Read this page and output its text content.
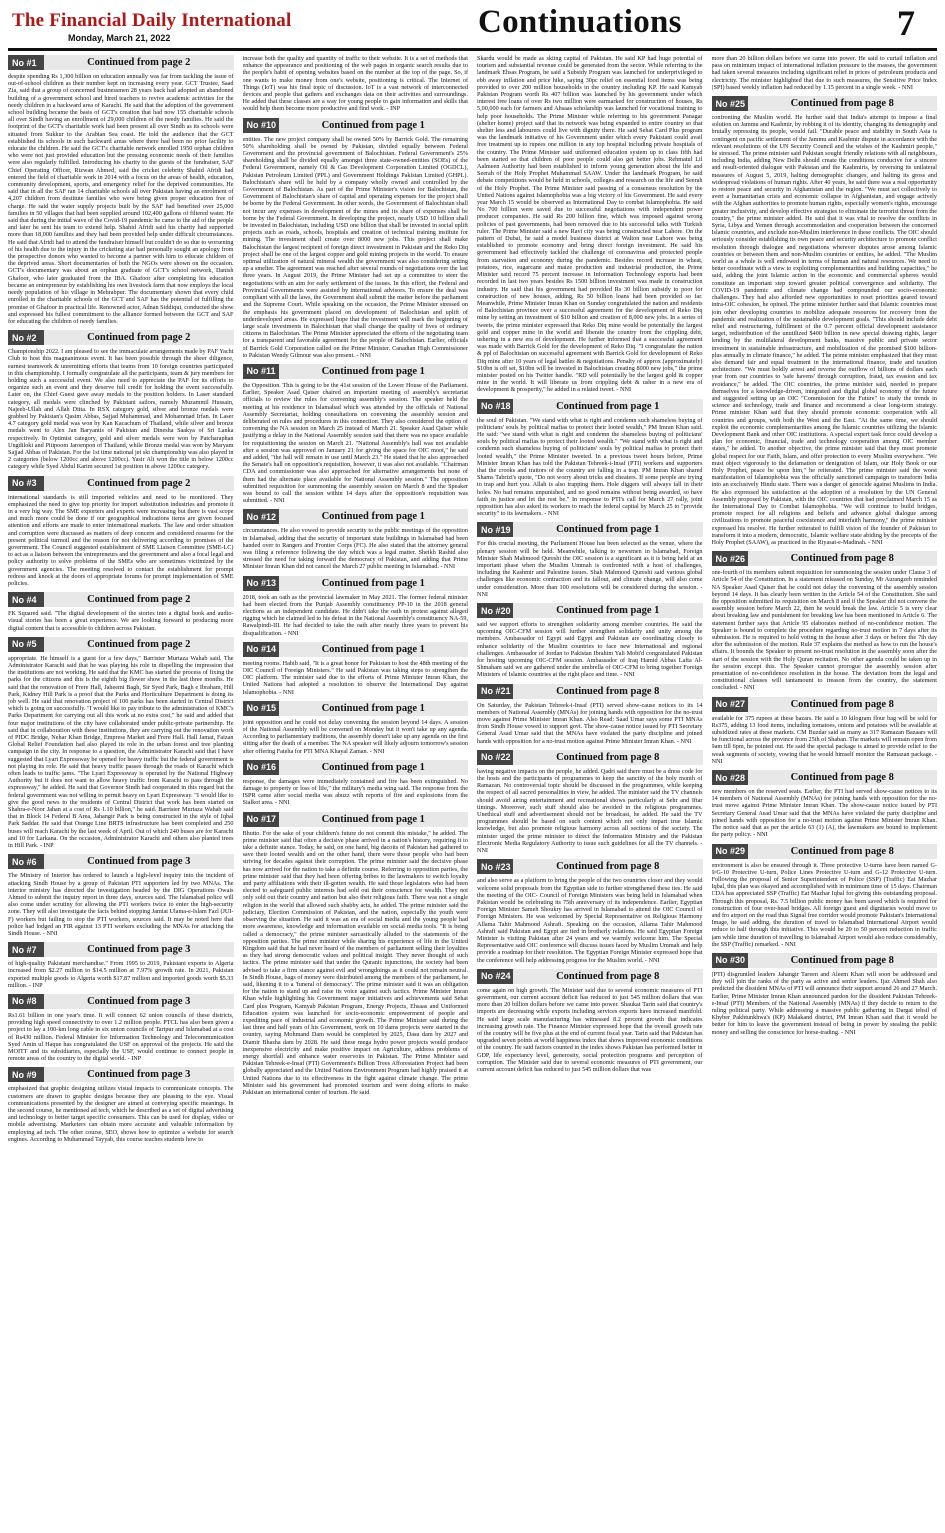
The Financial Daily International
Monday, March 21, 2022	Continuations	7
No #1	Continued from page 2

despite spending Rs 1,300 billion on education annually was far from tackling the issue of out-of-school children as their number kept on increasing every year. GCT Trustee, Saad Zia, said that a group of concerned businessmen 28 years back had adopted an abandoned building of a government school and hired teachers to revive academic activities for the needy children in a backward area of Karachi. He said that the adoption of the government school building became the basis of GCT's creation that had now 155 charitable schools all over Sindh having an enrollment of 29,000 children of the needy families. He said the footprint of the GCT's charitable work had been present all over Sindh as its schools were situated from Sukkur to the Arabian Sea coast. He told the audience that the GCT established its schools in such backward areas where there had been no prior facility to educate the children. He said the GCT's charitable network enrolled 1950 orphan children who were not just provided education but the pressing economic needs of their families were also regularly fulfilled. Introducing his charity to the guests of the fundraiser, SAF Chief Operating Officer, Rizwan Ahmed, said the cricket celebrity Shahid Afridi had entered the field of charitable work in 2014 with a focus on the areas of health, education, community development, sports, and emergency relief for the deprived communities. He said that in all the SAF ran 14 charitable schools all over Pakistan having an enrolment of 4,207 children from destitute families who were being given proper education free of charge. He said the water supply projects built by the SAF had benefited over 25,000 families in 50 villages that had been supplied around 102,400 gallons of filtered water. He said that during the initial wave of the Covid-19 pandemic he came to the aid of the people and later he sent his team to extend help. Shahid Afridi said his charity had supported more than 18,000 families and they had been provided help under difficult circumstances. He said that Afridi had to attend the fundraiser himself but couldn't do so due to worsening of his health due to the injury in the cricketing star had personally sought an apology from the prospective donors who wanted to become a partner with him to educate children of the deprived areas. Short documentaries of both the NGOs were shown on the occasion. GCT's documentary was about an orphan graduate of GCT's school network, Danish Ghafoor, who later graduated from the IBA. Ghafoor after completing his education became an entrepreneur by establishing his own livestock farm that now employs the local needy population of his village in Mehrabpur. The documentary shown that every child enrolled in the charitable schools of the GCT and SAF has the potential of fulfilling the promise of Ghafoor in practical life. Renowned actor, Adnan Siddiqui, conducted the show and expressed his fullest commitment to the alliance formed between the GCT and SAF for educating the children of needy families.

No #2	Continued from page 2

Championship 2022. I am pleased to see the immaculate arrangements made by PAF Yacht Club to host this magnanimous event. It has been possible through the sheer diligence, earnest teamwork & unremitting efforts that teams from 10 foreign countries participated in this championship. I formally congratulate all the participants, team & jury members for holding such a successful event. We also need to appreciate the PAF for its efforts to organize such an event and they deserve full credit for holding the event successfully. Later on, the Chief Guest gave away medals to the position holders. In Laser standard category, all medals were clinched by Pakistani sailors, namely Muzammil Hussain, Najeeb-Ullah and Allah Ditta. In RSX category gold, silver and bronze medals were grabbed by Pakistan's Qasim Abbas, Sajjad Muhammad, and Mohammad Irfan. In Laser 4.7 category gold medal was won by Kan Kacachum of Thailand, while silver and bronze medals went to Alex Jan Baryantis of Pakistan and Dinesha Saakya of Sri Lanka respectively. In Optimist category, gold and silver medals were won by Patcharaphan Ungdiloki and Pitipoom Jaroenpon of Thailand, while Bronze medal was won by Maryam Sajjad Abbas of Pakistan. For the 1st time national jet ski championship was also played in 2 categories (below 1200cc and above 1200cc). Yasir Ali won the title in below 1200cc category while Syed Abdul Karim secured 1st position in above 1200cc category.

No #3	Continued from page 2

international standards is still imported vehicles and need to be monitored. They emphasized the need to give top priority for import substitution industries and promote it in a very big way. The SME exporters and experts were increasing but there is vast scope and much more could be done if our geographical indications items are given focused attention and efforts are made to enter international markets. The law and order situation and corruption were discussed as matters of deep concern and considered reasons for the present political turmoil and the reason for not delivering according to promises of the government. The Council suggested establishment of SME Liaison Committee (SME-LC) to act as a liaison between the entrepreneurs and the government and also a focal legal and policy authority to solve problems of the SMEs who are sometimes victimized by the government agencies. The meeting resolved to contact the establishment for prompt redress and knock at the doors of appropriate forums for prompt implementation of SME policies.

No #4	Continued from page 2

FK Squared said. "The digital development of the stories into a digital book and audio-visual stories has been a great experience. We are looking forward to producing more digital content that is accessible to children across Pakistan.

No #5	Continued from page 2

appropriate. He himself is a guest for a few days," Barrister Murtaza Wahab said. The Administrator Karachi said that he was playing his role in dispelling the impression that the institutions are not working. He said that the KMC has started the process of fixing the parks for the citizens and this is the eighth big flower show in the last three months. He said that the renovation of Frere Hall, Jaheemi Bagh, Sir Syed Park, Bagh e Ibraham, Hill Park, Kidney Hill Park is a proof that the Parks and Horticulture Department is doing its job well. He said that renovation project of 100 parks has been started in Central District which is going on successfully. "I would like to pay tribute to the administration of KMC's Parks Department for carrying out all this work at no extra cost," he said and added that four major institutions of the city have collaborated under public-private partnership. He said that in collaboration with these institutions, they are carrying out the renovation work of PIDC Bridge, Nehar Khan Bridge, Empress Market and Frere Hall. Hall Jamat, Faizan Global Relief Foundation had also played its role in the urban forest and tree planting campaign in the city. In response to a question, the Administrator Karachi said that I have suggested that Lyari Expressway be opened for heavy traffic but the federal government is not playing its role. He said that heavy traffic passes through the roads of Karachi which often leads to traffic jams. "The Lyari Expressway is operated by the National Highway Authority but it does not want to allow heavy traffic from Karachi to pass through the expressway," he added. He said that Governor Sindh had cooperated in this regard but the federal government was not willing to permit heavy on Lyari Expressway. "I would like to give the good news to the residents of Central District that work has been started on Shahra-e-Noor Jahan at a cost of Rs 1.10 billion," he said. Barrister Murtaza Wahab said that in Block 14 Federal B Area, Jahangir Park is being constructed in the style of Iqbal Park Saddar. He said that Orange Line BRTS infrastructure has been completed and 250 buses will reach Karachi by the last week of April. Out of which 240 buses are for Karachi and 10 for Larkana. On the occasion, Administrator Karachi and others also planted trees in Hill Park. - INP

No #6	Continued from page 3

The Ministry of Interior has ordered to launch a high-level inquiry into the incident of attacking Sindh House by a group of Pakistan PTI supporters led by two MNAs. The interior ministry has directed the investigation headed by the DIG Operations Owais Ahmed to submit the inquiry report in three days, sources said. The Islamabad police will also come under scrutiny for allowing the PTI workers twice to enter the high-security zone. They will also investigate the facts behind stopping Jamiat Ulama-e-Islam Fazl (JUI-F) workers but failing to stop the PTI workers, sources said. It may be noted here that police had lodged an FIR against 13 PTI workers excluding the MNAs for attacking the Sindh House. - NNI

No #7	Continued from page 3

of high-quality Pakistani merchandise." From 1995 to 2019, Pakistani exports to Algeria increased from $2.27 million to $14.5 million at 7.97% growth rate. In 2021, Pakistan exported multiple goods to Algeria worth $17.87 million and imported goods worth $5.33 million. - INP

No #8	Continued from page 3

Rs1.61 billion in one year's time. It will connect 62 union councils of these districts, providing high speed connectivity to over 1.2 million people. PTCL has also been given a project to lay a 100-km long cable in six union councils of Taripur and Islamabad at a cost of Rs430 million. Federal Minister for Information Technology and Telecommunication Syed Amin ul Haque has congratulated the USF on approval of the projects. He said the MOITT and its subsidiaries, especially the USF, would continue to connect people in remote areas of the country to the digital world. - INP

No #9	Continued from page 3

emphasized that graphic designing utilizes visual impacts to communicate concepts. The customers are drawn to graphic designs because they are pleasing to the eye. Visual communications presented by the designer are aimed at conveying specific meanings. In the second course, he mentioned ad tech, which he described as a set of digital advertising and technology to better target specific consumers. This can be used for display, video or mobile advertising. Marketers can obtain more accurate and valuable information by employing ad tech. The other course, SEO, shows how to optimize a website for search engines. According to Muhammad Tayyab, this course teaches students how to

increase both the quality and quantity of traffic to their website. It is a set of methods that enhance the appearance and positioning of the web pages in organic search results due to the people's habit of opening websites based on the number at the top of the page. So, if one wants to make money from one's website, positioning is critical. The Internet of Things (IoT) was his final topic of discussion. IoT is a vast network of interconnected devices and people that gathers and exchanges data on their activities and surroundings. He added that these classes are a way for young people to gain information and skills that would help them become more productive and find work. - INP

No #10	Continued from page 1

entities. The new project company shall be owned 50% by Barrick Gold. The remaining 50% shareholding shall be owned by Pakistan, divided equally between Federal Government and the provincial government of Balochistan. Federal Government's 25% shareholding shall be divided equally amongst three state-owned-entities (SOEs) of the Federal Government, namely Oil & Gas Development Corporation Limited (OGDCL), Pakistan Petroleum Limited (PPL) and Government Holdings Pakistan Limited (GHPL). Balochistan's share will be held by a company wholly owned and controlled by the Government of Balochistan. As part of the Prime Minister's vision for Balochistan, the Government of Balochistan's share of capital and operating expenses for the project shall be borne by the Federal Government. In other words, the Government of Balochistan shall not incur any expenses in development of the mines and its share of expenses shall be borne by the Federal Government. In developing the project, nearly USD 10 billion shall be invested in Balochistan, including USD one billion that shall be invested in social uplift projects such as roads, schools, hospitals and creation of technical training institute for mining. The investment shall create over 8000 new jobs. This project shall make Balochistan the largest recipient of foreign direct investment in Pakistan and the Reko Diq project shall be one of the largest copper and gold mining projects in the world. To ensure optimal utilization of natural mineral wealth the government was also considering setting up a smelter. The agreement was reached after several rounds of negotiations over the last three years. In August 2019, the Prime Minister had set up a committee to steer the negotiations with an aim for early settlement of the issues. In this effort, the Federal and Provincial Governments were assisted by international advisors. To ensure the deal was compliant with all the laws, the Government shall submit the matter before the parliament and the Supreme Court. While speaking on the occasion, the Prime Minister stressed on the emphasis his government placed on development of Balochistan and uplift of underdeveloped areas. He expressed hope that the investment will mark the beginning of large scale investments in Balochistan that shall change the quality of lives of ordinary citizens in Balochistan. The Prime Minister appreciated the efforts of the negotiating team for a transparent and favorable agreement for the people of Balochistan. Earlier, officials of Barrick Gold Corporation called on the Prime Minister. Canadian High Commissioner to Pakistan Wendy Gilmour was also present. - NNI

No #11	Continued from page 1

the Opposition. This is going to be the 41st session of the Lower House of the Parliament. Earlier, Speaker Asad Qaiser chaired an important meeting of assembly's secretariat officials to review the rules for convening assembly's session. The speaker held the meeting at his residence in Islamabad which was attended by the officials of National Assembly Secretariat, holding consultations on convening the assembly session and deliberated on rules and procedures in this connection. They also considered the option of convening the NA session on March 25 instead of March 21. Speaker Asad Qaiser while justifying a delay in the National Assembly session said that there was no space available for requisitioning the session on March 21. "National Assembly's hall was not available after a session was approved on January 21 for giving the space for OIC moot," he said and added, "the hall will remain in use until March 23." He stated that he also approached the Senate's hall on opposition's requisition, however, it was also not available. "Chairman CDA and commissioner was also approached for alternative arrangements but none of them had the alternate place available for National Assembly session." The opposition submitted requisition for summoning the assembly session on March 8 and the Speaker was bound to call the session within 14 days after the opposition's requisition was submitted. - NNI

No #12	Continued from page 1

circumstances. He also vowed to provide security to the public meetings of the opposition in Islamabad, adding that the security of important state buildings in Islamabad had been handed over to Rangers and Frontier Corps (FC). He also stated that the attorney general was filing a reference following the day which was a legal matter. Sheikh Rashid also stressed the need for taking forward the democracy of Pakistan, and adding that Prime Minister Imran Khan did not cancel the March 27 public meeting in Islamabad. - NNI

No #13	Continued from page 1

2018, took an oath as the provincial lawmaker in May 2021. The former federal minister had been elected from the Punjab Assembly constituency PP-10 in the 2018 general elections as an independent candidate. He didn't take the oath in protest against alleged rigging which he claimed led to his defeat in the National Assembly's constituency NA-59, Rawalpindi-III. He had decided to take the oath after nearly three years to prevent his disqualification. - NNI

No #14	Continued from page 1

meeting rooms. Habib said, "It is a great honor for Pakistan to host the 48th meeting of the OIC Council of Foreign Ministers." He said Pakistan was taking steps to strengthen the OIC platform. The minister said due to the efforts of Prime Minister Imran Khan, the United Nations had adopted a resolution to observe the International Day against Islamophobia. - NNI

No #15	Continued from page 1

joint opposition and he could not delay convening the session beyond 14 days. A session of the National Assembly will be convened on Monday but it won't take up any agenda. According to parliamentary traditions, the assembly doesn't take up any agenda on the first sitting after the death of a member. The NA speaker will likely adjourn tomorrow's session after offering Fateha for PTI MNA Khayal Zaman. - NNI

No #16	Continued from page 1

response, the damages were immediately contained and fire has been extinguished. No damage to property or loss of life," the military's media wing said. The response from the ISPR came after social media was abuzz with reports of fire and explosions from the Sialkot area. - NNI

No #17	Continued from page 1

Bhutto. For the sake of your children's future do not commit this mistake," he added. The prime minister said that often a decisive phase arrived in a nation's history, requiring it to take a definite stance. Today, he said, on one hand, big dacoits of Pakistan had gathered to save their looted wealth and on the other hand, there were those people who had been striving for decades against their corruption. The prime minister said the decisive phase has now arrived for the nation to take a definite course. Referring to opposition parties, the prime minister said that they had been offering bribes to the lawmakers to switch loyalty and party affiliations with their ill-gotten wealth. He said those legislators who had been elected to safeguard public interests had sold out their conscience for wealth. They not only sold out their country and nation but also their religious faith. There was not a single religion in the world that allowed such shabby acts, he added. The prime minister said the judiciary, Election Commission of Pakistan, and the nation, especially the youth were observing the situation. He said it was an era of social media and the young people had more awareness, knowledge and information available on social media tools. "It is being called a democracy," the prime minister sarcastically alluded to the statements of the opposition parties. The prime minister while sharing his experience of life in the United Kingdom said that he had never heard of the members of parliament selling their loyalties as they had strong democratic values and political insight. They never thought of such tactics. The prime minister said that under the Quranic injunctions, the society had been advised to take a firm stance against evil and wrongdoings as it could not remain neutral. In Sindh House, bags of money were distributed among the members of the parliament, he said, likening it to a 'funeral of democracy'. The prime minister said it was an obligation for the nation to stand up and raise its voice against such tactics. Prime Minister Imran Khan while highlighting his Government major initiatives and achievements said Sehat Card plus Program, Kamyab Pakistan Program, Energy Projects, Ehsaas and Uniformed Education system was launched for socio-economic empowerment of people and expediting pace of industrial and economic growth. The Prime Minister said during the last three and half years of his Government, work on 10 dams projects were started in the country, saying Mohmand Dam would be completed by 2025, Dasu dam by 2027 and Diamir Bhasha dam by 2028. He said these mega hydro power projects would produce inexpensive electricity and make positive impact on Agriculture, address problems of energy shortfall and enhance water reservoirs in Pakistan. The Prime Minister said Pakistan Tehreek-e-Insaf (PTI) Government's Billion Trees Afforestation Project had been globally appreciated and the United Nations Environment Program had highly praised it at United Nations due to its effectiveness in the fight against climate change. The prime Minister said his government had promoted tourism and were doing efforts to make Pakistan an international center of tourism. He said

Skardu would be made as skiing capital of Pakistan. He said KP had huge potential of tourism and substantial revenue could be generated from the sector. While referring to the landmark Ehsas Program, he said a Subsidy Program was launched for underprivileged to ebb away inflation and price hike, saying 30pc relief on essential food items was being provided to over 200 million households in the country including KP. He said Kamyab Pakistan Program worth Rs 407 billion was launched by his government under which interest free loans of over Rs two million were earmarked for construction of houses, Rs 5,00,000 each for farmers and Ahsaas scholarship was launched for vocational training to help poor households. The Prime Minister while referring to his government Panagar (shelter home) project said that its network was being expanded to entire country so that shelter less and labourers could live with dignity there. He said Sehat Card Plus program was the landmark initiative of his Government under which every Pakistani could avail free treatment up to rupees one million in any top hospital including private hospitals of the country. The Prime Minister said uniformed education system up to class fifth had been started so that children of poor people could also get better jobs. Rehmatul Lil Aalmeen Authority had been established to inform young generation about the life and Seerah of the Holy Prophet Muhammad SAAW. Under the landmark Program, he said debate competitions would be held in schools, colleges and research on the life and Seerah of the Holy Prophet. The Prime Minister said passing of a consensus resolution by the United Nations against Islamophobia was a big victory of his Government. He said every year March 15 would be observed as International Day to combat Islamophobia. He said No 700 billion were saved due to successful negotiations with independent power producer companies. He said Rs 200 billion fine, which was imposed against wrong policies of past governments, had been removed due to his successful talks with Turkish ruler. The Prime Minister said a new Ravi city was being constructed near Lahore. On the pattern of Dubai, he said a model business district at Walton near Lahore was being established to promote economy and bring direct foreign investment. He said his government had effectively tackled the challenge of coronavirus and protected people from starvation and economy during the pandemic. Besides record increase in wheat, potatoes, rice, sugarcane and maize production and industrial production, the Prime Minister said record 75 percent increase in Information Technology exports had been recorded in last two years besides Rs 1500 billion investment was made in construction industry. He said that his government had provided Rs 30 billion subsidy to poor for construction of new houses, adding, Rs 50 billion loans had been provided so far. Meanwhile, Prime Minister Imran Khan on Sunday congratulated the nation and residents of Balochistan province over a successful agreement for the development of Reko Diq mine by setting an investment of $10 billion and creation of 8,000 new jobs. In a series of tweets, the prime minister expressed that Reko Diq mine would be potentially the largest gold and copper mine in the world and liberate the country from the crippling debt, ushering in a new era of development. He further informed that a successful agreement was made with Barrick Gold for the development of Reko Diq. "I congratulate the nation & ppl of Balochistan on successful agreement with Barrick Gold for development of Reko Diq mine after 10 years of legal battles & negotiations. Penalty of approx (approximately) $10bn is off set, $10bn will be invested in Balochistan creating 8000 new jobs," the prime minister posted on his Twitter handle. "RD will potentially be the largest gold & copper mine in the world. It will liberate us from crippling debt & usher in a new era of development & prosperity," he added in a related tweet. - NNI

No #18	Continued from page 1

the soul of Pakistan. "We stand with what is right and condemn such shameless buying of politicians' souls by political mafias to protect their looted wealth," PM Imran Khan said. He said: "we stand with what is right and condemn the shameless buying of politicians' souls by political mafias to protect their looted wealth." "We stand with what is right and condemn such shameless buying of politicians' souls by political mafias to protect their looted wealth," the Prime Minister tweeted. In a previous tweet hours before, Prime Minister Imran Khan has told the Pakistan Tehreek-i-Insaf (PTI) workers and supporters that the crooks and traitors of the country are falling in a trap. PM Imran Khan shared Shams Tabrizi's quote, "Do not worry about tricks and cheaters. If some people are trying to trap and hurt you. Allah is also trapping them. Hole diggers will always fall in their holes. No bad remains unpunished, and no good remains without being awarded, so have faith in justice and let the rest be." In response to PTI's call for March 27 rally, joint opposition has also asked its workers to reach the federal capital by March 25 to "provide security" to its lawmakers. - NNI

No #19	Continued from page 1

For this crucial meeting, the Parliament House has been selected as the venue, where the plenary session will be held. Meanwhile, talking to newsmen in Islamabad, Foreign Minister Shah Mahmood Qureshi the OIC session is a significant as it is being held at an important phase when the Muslim Ummah is confronted with a host of challenges, including the Kashmir and Palestine issues. Shah Mahmood Qureshi said various global challenges like economic contraction and its fallout, and climate change, will also come under consideration. More than 100 resolutions will be considered during the session. - NNI

No #20	Continued from page 1

said we support efforts to strengthen solidarity among member countries. He said the upcoming OIC-CFM session will further strengthen solidarity and unity among the members. Ambassador of Egypt said Egypt and Pakistan are coordinating closely to enhance solidarity of the Muslim countries to face new International and regional challenges. Ambassador of Jordan to Pakistan Ibrahim Yali Mobi'd congratulated Pakistan for hosting upcoming OIC-CFM session. Ambassador of Iraq Hamid Abbas Lafta Al-Shmaham said we are gathered under the umbrella of OIC-CFM to bring together Foreign Ministers of Islamic countries at the right place and time. - NNI

No #21	Continued from page 8

On Saturday, the Pakistan Tehreek-i-Insaf (PTI) served show-cause notices to its 14 members of National Assembly (MNAs) for joining hands with opposition for the no-trust move against Prime Minister Imran Khan. Also Read: Saad Umar says some PTI MNAs from Sindh House vowed to support govt. The show-cause notice issued by PTI Secretary General Asad Umar said that the MNAs have violated the party discipline and joined hands with opposition for a no-trust motion against Prime Minister Imran Khan. - NNI

No #22	Continued from page 8

having negative impacts on the people, he added. Qadri said there must be a dress code for the hosts and the participants of programmes to keep the sanctity of the holy month of Ramazan. No controversial topic should be discussed in the programmes, while keeping the respect of all sacred personalities in view, he added. The minister said the TV channels should avoid airing entertainment and recreational shows particularly at Sehr and Iftar timings. Moreover, such stuff should also be avoided in the religious programmes. Unethical stuff and advertisement should not be broadcast, he added. He said the TV programmes should be based on such content which not only impart true Islamic knowledge, but also promote religious harmony across all sections of the society. The minister urged the prime minister to direct the Information Ministry and the Pakistan Electronic Media Regulatory Authority to issue such guidelines for all the TV channels. - NNI

No #23	Continued from page 8

and also serve as a platform to bring the people of the two countries closer and they would welcome solid proposals from the Egyptian side to further strengthened these ties. He said the meeting of the OIC- Council of Foreign Ministers was being held in Islamabad when Pakistan would be celebrating its 75th anniversary of its independence. Earlier, Egyptian Foreign Minister Sameh Shoukry has arrived in Islamabad to attend the OIC Council of Foreign Ministers. He was welcomed by Special Representative on Religious Harmony Allama Tahir Mahmood Ashrafi. Speaking on the occasion, Allama Tahir Mahmood Ashrafi said Pakistan and Egypt are tied in brotherly relations. He said Egyptian Foreign Minister is visiting Pakistan after 24 years and we warmly welcome him. The Special Representative said OIC conference will discuss issues faced by Muslim Ummah and help provide a roadmap for their resolution. The Egyptian Foreign Minister expressed hope that the conference will help addressing progress for the Muslim world. - NNI

No #24	Continued from page 8

come again on high growth. The Minister said due to several economic measures of PTI government, our current account deficit has reduced to just 545 million dollars that was more than 20 billion dollars before we came into power. Shaukat Tarin said that country's imports are decreasing while exports including services exports have increased manifold. He said large scale manufacturing has witnessed 8.2 percent growth that indicates increasing growth rate. The Finance Minister expressed hope that the overall growth rate of the country will be five plus at the end of current fiscal year. Tarin said that Pakistan has upgraded seven points at world happiness index that shows improved economic conditions of the country. He said factors counted in the index shows Pakistan has performed better in GDP, life expectancy level, generosity, social protection programs and perception of corruption. The Minister said due to several economic measures of PTI government, our current account deficit has reduced to just 545 million dollars that was

more than 20 billion dollars before we came into power. He said to curtail inflation and pass on minimum impact of international inflation pressure to the masses, the government had taken several measures including significant relief in prices of petroleum products and electricity. The minister highlighted that due to such measures, the Sensitive Price Index (SPI) based weekly inflation had reduced by 1.15 percent in a single week. - NNI

No #25	Continued from page 8

confronting the Muslim world. He further said that India's attempt to impose a final solution on Jammu and Kashmir, by robbing it of its identity, changing its demography and brutally repressing its people, would fail. "Durable peace and stability in South Asia is contingent on pacific settlement of the Jammu and Kashmir dispute in accordance with the relevant resolutions of the UN Security Council and the wishes of the Kashmiri people," he stressed. The prime minister said Pakistan sought friendly relations with all neighbours, including India, adding New Delhi should create the conditions conducive for a sincere and result-oriented dialogue with Pakistan and the Kashmiris, by reversing its unilateral measures of August 5, 2019, halting demographic changes, and halting its gross and widespread violations of human rights. After 40 years, he said there was a real opportunity to restore peace and security in Afghanistan and the region. "We must act collectively to avert a humanitarian crisis and economic collapse in Afghanistan, and engage actively with the Afghan authorities to promote human rights, especially women's rights, encourage greater inclusivity, and develop effective strategies to eliminate the terrorist threat from the country," the prime minister added. He said that it was vital to resolve the conflicts in Syria, Libya and Yemen through accommodation and cooperation between the concerned Islamic countries, and exclude non-Muslim interference in these conflicts. The OIC should seriously consider establishing its own peace and security architecture to promote conflict resolution through dialogue and negotiations wherever disputes arose among Islamic countries or between them and non-Muslim countries or entities, he added. "The Muslim world as a whole is well endowed in terms of human and natural resources. We need to better coordinate with a view to exploiting complementarities and building capacities," he said, adding the joint Islamic action in the economic and commercial spheres would constitute an important step toward greater political convergence and solidarity. The COVID-19 pandemic and climate change had compounded our socio-economic challenges. They had also afforded new opportunities to reset priorities geared toward intra-OIC cohesion, he opined. The prime minister further said that Islamic countries must join other developing countries to mobilize adequate resources for recovery from the pandemic and realization of the sustainable development goals. "This should include debt relief and restructuring, fulfillment of the 0.7 percent official development assistance target, redistribution of the unutilized $400 billion in new special drawing rights, larger lending by the multilateral development banks, massive public and private sector investment in sustainable infrastructure, and mobilization of the promised $100 billion-plus annually in climate finance," he added. The prime minister emphasized that they must also demand fair and equal treatment in the international finance, trade and taxation architecture. "We must boldly arrest and reverse the outflow of billions of dollars each year from our countries to 'safe havens' through corruption, fraud, tax evasion and tax avoidance," he added. The OIC countries, the prime minister said, needed to prepare themselves for a knowledge-driven, integrated and digital global economy of the future and suggested setting up an OIC "Commission for the Future" to study the trends in science and technology, trade and finance and recommend a clear long-term strategy. Prime minister Khan said that they should promote economic cooperation with all countries and groups, with both the West and the East. "At the same time, we should exploit the economic complementarities among the Islamic countries utilizing the Islamic Development Bank and other OIC institutions. A special expert task force could develop a plan for economic, financial, trade and technology cooperation among OIC member states," he added. To another objective, the prime minister said that they must promote global respect for our Faith, Islam, and offer protection to every Muslim everywhere. "We must object vigorously to the defamation or denigration of Islam, our Holy Book or our Holy Prophet, peace be upon him," he reiterated. The prime minister said the worst manifestation of Islamophobia was the officially sanctioned campaign to transform India into an exclusively Hindu state. There was a danger of genocide against Muslims in India. He also expressed his satisfaction at the adoption of a resolution by the UN General Assembly proposed by Pakistan, with the OIC countries that had proclaimed March 15 as the International Day to Combat Islamophobia. "We will continue to build bridges, promote respect for all religions and beliefs and advance global dialogue among civilizations to promote peaceful coexistence and interfaith harmony," the prime minister expressed his resolve. He further reiterated to fulfill vision of the founder of Pakistan to transform it into a modern, democratic, Islamic welfare state abiding by the precepts of the Holy Prophet (SAAW), as practiced in the Riyasat-e-Madinah. - NNI

No #26	Continued from page 8

one-fourth of its members submit requisition for summoning the session under Clause 3 of Article 54 of the Constitution. In a statement released on Sunday, Mr Aurangzeb reminded NA Speaker Asad Qaiser that he could not delay the convening of the assembly session beyond 14 days. It has clearly been written in the Article 54 of the Constitution. She said the opposition submitted its requisition on March 8 and if the Speaker did not convene the assembly session before March 22, then he would break the law. Article 5 is very clear about breaking law and punishment for breaking law has been mentioned in Article 6. The statement further says that Article 95 elaborates method of no-confidence motion. The Speaker is bound to complete the procedure regarding no-trust motion in 7 days after its submission. He is required to hold voting in the house after 3 days or before the 7th day after the submission of the motion. Rule 37 explains the method as how to run the house's affairs. It bounds the Speaker to present no-trust resolution in the assembly soon after the start of the session with the Holy Quran recitation. No other agenda could be taken up in the session except this. The Speaker cannot prorogue the assembly session after presentation of no-confidence resolution in the house. The deviation from the legal and constitutional clauses will tantamount to treason from the country, the statement concluded. - NNI

No #27	Continued from page 8

available for 375 rupees at these bazars. He said a 10 kilogram flour bag will be sold for Rs375, adding 13 food items, including tomatoes, onions and potatoes will be available at subsidized rates at these markets. CM Buzdar said as many as 317 Ramazan Bazaars will be functional across the province from 25th of Shaban. The markets will remain open from 9am till 6pm, he pointed out. He said the special package is aimed to provide relief to the weak segments of society, vowing that he would himself monitor the Ramazan package. - NNI

No #28	Continued from page 8

new members on the reserved seats. Earlier, the PTI had served show-cause notices to its 14 members of National Assembly (MNAs) for joining hands with opposition for the no-trust move against Prime Minister Imran Khan. The show-cause notice issued by PTI Secretary General Asad Umar said that the MNAs have violated the party discipline and joined hands with opposition for a no-trust motion against Prime Minister Imran Khan. The notice said that as per the article 63 (1) (A), the lawmakers are bound to implement the party policy. - NNI

No #29	Continued from page 8

environment is also be ensured through it. Three protective U-turns have been named G-9/G-10 Protective U-turn, Police Lines Protective U-turn and G-12 Protective U-turn. Following the proposal of Senior Superintendent of Police (SSP) (Traffic) Eat Mazhar Iqbal, this plan was okayed and accomplished with in minimum time of 15 days. Chairman CDA has appreciated SSP (Traffic) Eat Mazhar Iqbal for giving this outstanding proposal. Through this proposal, Rs. 7.5 billion public money has been saved which is required for construction of four over-head bridges. All foreign guest and dignitaries would move to and fro airport on the road thus Signal free corridor would promote Pakistan's International Image, he said adding, the duration of travel to Islamabad International Airport would reduce to half through this initiative. This would be 20 to 50 percent reduction in traffic jam while time duration of travelling to Islamabad Airport would also reduce considerably, the SSP (Traffic) remarked. - NNI

No #30	Continued from page 8

(PTI) disgruntled leaders Jahangir Tareen and Aleem Khan will soon be addressed and they will join the ranks of the party as active and senior leaders. Ijaz Ahmed Shah also predicted the dissident MNAs of PTI will announce their support around 26 and 27 March. Earlier, Prime Minister Imran Khan announced pardon for the dissident Pakistan Tehreek-e-Insaf (PTI) Members of the National Assembly (MNAs) if they decide to return to the ruling political party. While addressing a massive public gathering in Dargai tehsil of Khyber Pakhtunkhwa's (KP) Malakand district, PM Imran Khan said that it would be better for him to leave the government instead of being in power by stealing the public money and selling the conscience for horse-trading. - NNI
